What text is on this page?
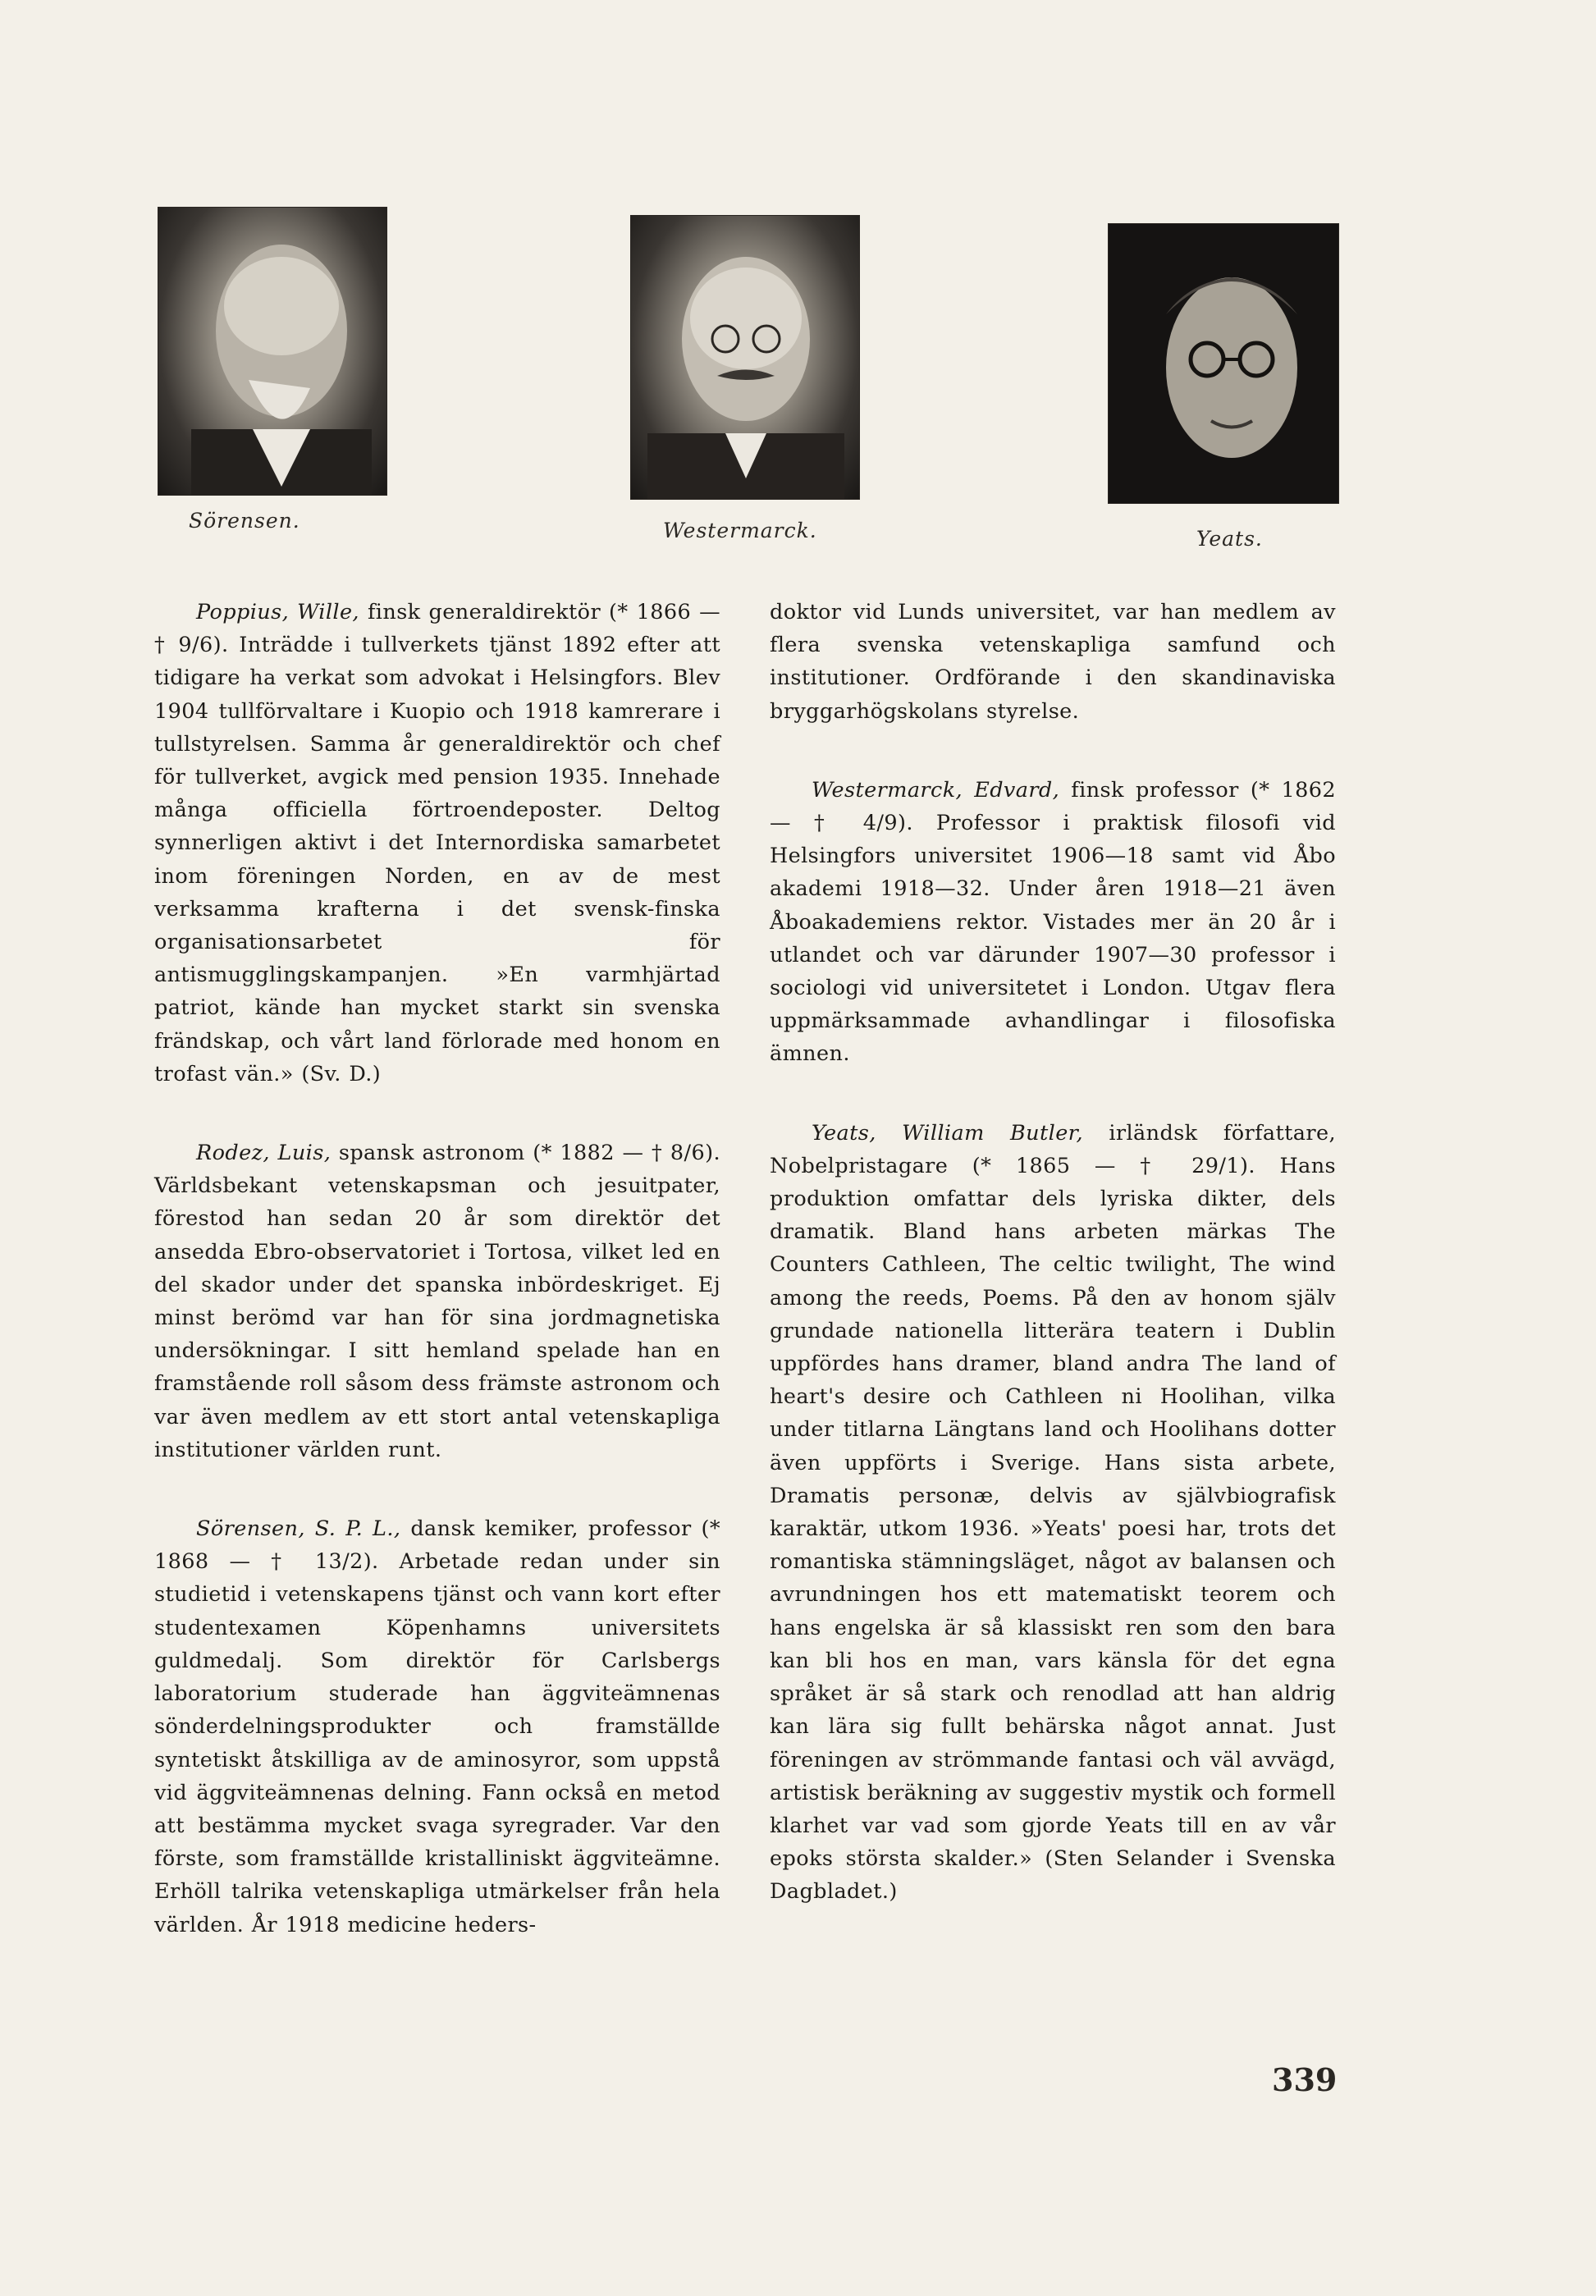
Sörensen.	Westermarck.	Yeats.

Poppius, Wille, finsk generaldirektör (* 1866 — † 9/6). Inträdde i tullverkets tjänst 1892 efter att tidigare ha verkat som advokat i Helsingfors. Blev 1904 tullförvaltare i Kuopio och 1918 kamrerare i tullstyrelsen. Samma år generaldirektör och chef för tullverket, avgick med pension 1935. Innehade många officiella förtroendeposter. Deltog synnerligen aktivt i det Internordiska samarbetet inom föreningen Norden, en av de mest verksamma krafterna i det svensk-finska organisationsarbetet för antismugglingskampanjen. »En varmhjärtad patriot, kände han mycket starkt sin svenska frändskap, och vårt land förlorade med honom en trofast vän.» (Sv. D.)

Rodez, Luis, spansk astronom (* 1882 — † 8/6). Världsbekant vetenskapsman och jesuitpater, förestod han sedan 20 år som direktör det ansedda Ebro-observatoriet i Tortosa, vilket led en del skador under det spanska inbördeskriget. Ej minst berömd var han för sina jordmagnetiska undersökningar. I sitt hemland spelade han en framstående roll såsom dess främste astronom och var även medlem av ett stort antal vetenskapliga institutioner världen runt.

Sörensen, S. P. L., dansk kemiker, professor (* 1868 — † 13/2). Arbetade redan under sin studietid i vetenskapens tjänst och vann kort efter studentexamen Köpenhamns universitets guldmedalj. Som direktör för Carlsbergs laboratorium studerade han äggviteämnenas sönderdelningsprodukter och framställde syntetiskt åtskilliga av de aminosyror, som uppstå vid äggviteämnenas delning. Fann också en metod att bestämma mycket svaga syregrader. Var den förste, som framställde kristalliniskt äggviteämne. Erhöll talrika vetenskapliga utmärkelser från hela världen. År 1918 medicine heders-

doktor vid Lunds universitet, var han medlem av flera svenska vetenskapliga samfund och institutioner. Ordförande i den skandinaviska bryggarhögskolans styrelse.

Westermarck, Edvard, finsk professor (* 1862 — † 4/9). Professor i praktisk filosofi vid Helsingfors universitet 1906—18 samt vid Åbo akademi 1918—32. Under åren 1918—21 även Åboakademiens rektor. Vistades mer än 20 år i utlandet och var därunder 1907—30 professor i sociologi vid universitetet i London. Utgav flera uppmärksammade avhandlingar i filosofiska ämnen.

Yeats, William Butler, irländsk författare, Nobelpristagare (* 1865 — † 29/1). Hans produktion omfattar dels lyriska dikter, dels dramatik. Bland hans arbeten märkas The Counters Cathleen, The celtic twilight, The wind among the reeds, Poems. På den av honom själv grundade nationella litterära teatern i Dublin uppfördes hans dramer, bland andra The land of heart's desire och Cathleen ni Hoolihan, vilka under titlarna Längtans land och Hoolihans dotter även uppförts i Sverige. Hans sista arbete, Dramatis personæ, delvis av självbiografisk karaktär, utkom 1936. »Yeats' poesi har, trots det romantiska stämningsläget, något av balansen och avrundningen hos ett matematiskt teorem och hans engelska är så klassiskt ren som den bara kan bli hos en man, vars känsla för det egna språket är så stark och renodlad att han aldrig kan lära sig fullt behärska något annat. Just föreningen av strömmande fantasi och väl avvägd, artistisk beräkning av suggestiv mystik och formell klarhet var vad som gjorde Yeats till en av vår epoks största skalder.» (Sten Selander i Svenska Dagbladet.)

339
